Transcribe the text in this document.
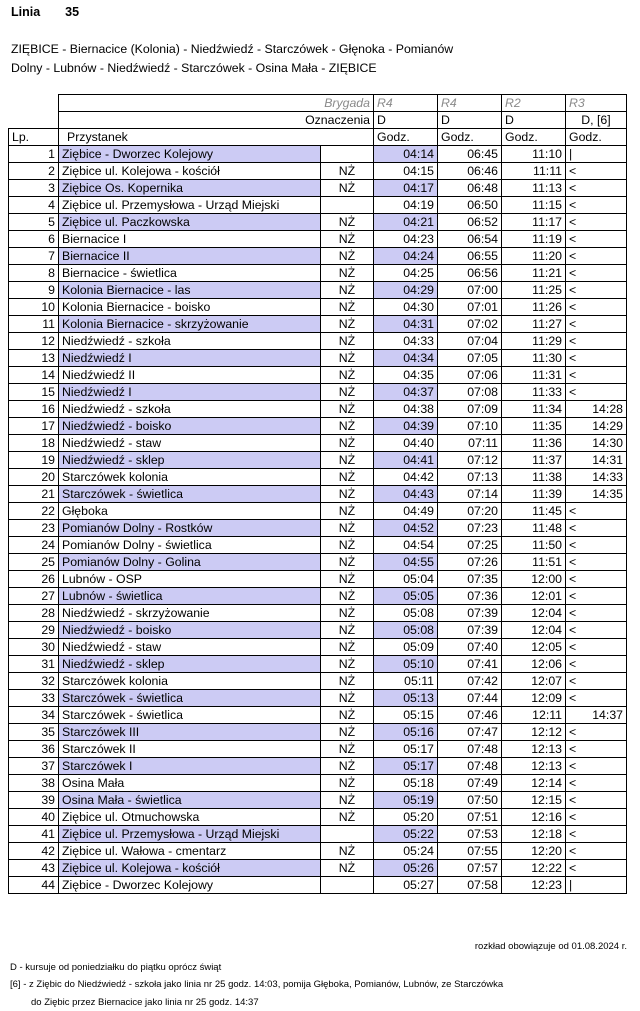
Linia 35
ZIĘBICE - Biernacice (Kolonia) - Niedźwiedź - Starczówek - Głęnoka - Pomianów
Dolny - Lubnów - Niedźwiedź - Starczówek - Osina Mała - ZIĘBICE
	Brygada		R4	R4	R2	R3
	Oznaczenia		D	D	D	D, [6]
Lp.	Przystanek		Godz.	Godz.	Godz.	Godz.
1	Ziębice - Dworzec Kolejowy		04:14	06:45	11:10	|
2	Ziębice ul. Kolejowa - kościół	NŻ	04:15	06:46	11:11	<
3	Ziębice Os. Kopernika	NŻ	04:17	06:48	11:13	<
4	Ziębice ul. Przemysłowa - Urząd Miejski		04:19	06:50	11:15	<
5	Ziębice ul. Paczkowska	NŻ	04:21	06:52	11:17	<
6	Biernacice I	NŻ	04:23	06:54	11:19	<
7	Biernacice II	NŻ	04:24	06:55	11:20	<
8	Biernacice - świetlica	NŻ	04:25	06:56	11:21	<
9	Kolonia Biernacice - las	NŻ	04:29	07:00	11:25	<
10	Kolonia Biernacice - boisko	NŻ	04:30	07:01	11:26	<
11	Kolonia Biernacice - skrzyżowanie	NŻ	04:31	07:02	11:27	<
12	Niedźwiedź - szkoła	NŻ	04:33	07:04	11:29	<
13	Niedźwiedź I	NŻ	04:34	07:05	11:30	<
14	Niedźwiedź II	NŻ	04:35	07:06	11:31	<
15	Niedźwiedź I	NŻ	04:37	07:08	11:33	<
16	Niedźwiedź - szkoła	NŻ	04:38	07:09	11:34	14:28
17	Niedźwiedź - boisko	NŻ	04:39	07:10	11:35	14:29
18	Niedźwiedź - staw	NŻ	04:40	07:11	11:36	14:30
19	Niedźwiedź - sklep	NŻ	04:41	07:12	11:37	14:31
20	Starczówek kolonia	NŻ	04:42	07:13	11:38	14:33
21	Starczówek - świetlica	NŻ	04:43	07:14	11:39	14:35
22	Głęboka	NŻ	04:49	07:20	11:45	<
23	Pomianów Dolny - Rostków	NŻ	04:52	07:23	11:48	<
24	Pomianów Dolny - świetlica	NŻ	04:54	07:25	11:50	<
25	Pomianów Dolny - Golina	NŻ	04:55	07:26	11:51	<
26	Lubnów - OSP	NŻ	05:04	07:35	12:00	<
27	Lubnów - świetlica	NŻ	05:05	07:36	12:01	<
28	Niedźwiedź - skrzyżowanie	NŻ	05:08	07:39	12:04	<
29	Niedźwiedź - boisko	NŻ	05:08	07:39	12:04	<
30	Niedźwiedź - staw	NŻ	05:09	07:40	12:05	<
31	Niedźwiedź - sklep	NŻ	05:10	07:41	12:06	<
32	Starczówek kolonia	NŻ	05:11	07:42	12:07	<
33	Starczówek - świetlica	NŻ	05:13	07:44	12:09	<
34	Starczówek - świetlica	NŻ	05:15	07:46	12:11	14:37
35	Starczówek III	NŻ	05:16	07:47	12:12	<
36	Starczówek II	NŻ	05:17	07:48	12:13	<
37	Starczówek I	NŻ	05:17	07:48	12:13	<
38	Osina Mała	NŻ	05:18	07:49	12:14	<
39	Osina Mała - świetlica	NŻ	05:19	07:50	12:15	<
40	Ziębice ul. Otmuchowska	NŻ	05:20	07:51	12:16	<
41	Ziębice ul. Przemysłowa - Urząd Miejski		05:22	07:53	12:18	<
42	Ziębice ul. Wałowa - cmentarz	NŻ	05:24	07:55	12:20	<
43	Ziębice ul. Kolejowa - kościół	NŻ	05:26	07:57	12:22	<
44	Ziębice - Dworzec Kolejowy		05:27	07:58	12:23	|
rozkład obowiązuje od 01.08.2024 r.
D - kursuje od poniedziałku do piątku oprócz świąt
[6] - z Ziębic do Niedźwiedź - szkoła jako linia nr 25 godz. 14:03, pomija Głęboka, Pomianów, Lubnów, ze Starczówka
do Ziębic przez Biernacice jako linia nr 25 godz. 14:37
